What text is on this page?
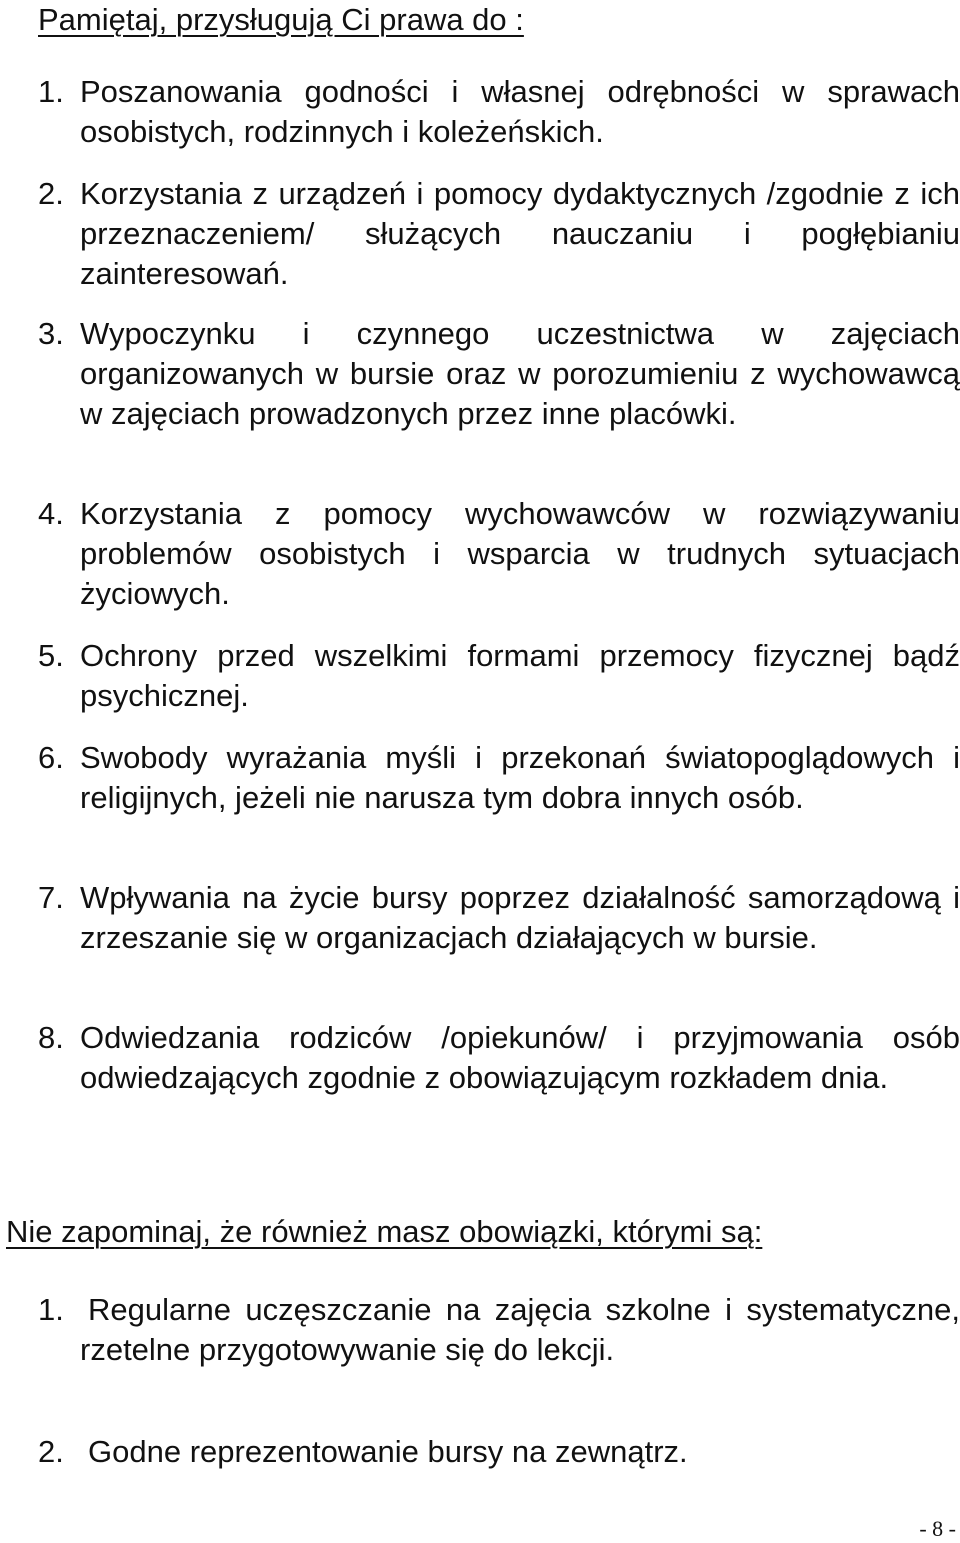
Pamiętaj, przysługują Ci prawa do :
1. Poszanowania godności i własnej odrębności w sprawach osobistych, rodzinnych i koleżeńskich.
2. Korzystania z urządzeń i pomocy dydaktycznych /zgodnie z ich przeznaczeniem/ służących nauczaniu i pogłębianiu zainteresowań.
3. Wypoczynku i czynnego uczestnictwa w zajęciach organizowanych w bursie oraz w porozumieniu z wychowawcą w zajęciach prowadzonych przez inne placówki.
4. Korzystania z pomocy wychowawców w rozwiązywaniu problemów osobistych i wsparcia w trudnych sytuacjach życiowych.
5. Ochrony przed wszelkimi formami przemocy fizycznej bądź psychicznej.
6. Swobody wyrażania myśli i przekonań światopoglądowych i religijnych, jeżeli nie narusza tym dobra innych osób.
7. Wpływania na życie bursy poprzez działalność samorządową i zrzeszanie się w organizacjach działających w bursie.
8. Odwiedzania rodziców /opiekunów/ i przyjmowania osób odwiedzających zgodnie z obowiązującym rozkładem dnia.
Nie zapominaj, że również masz obowiązki, którymi są:
1. Regularne uczęszczanie na zajęcia szkolne i systematyczne, rzetelne przygotowywanie się do lekcji.
2. Godne reprezentowanie bursy na zewnątrz.
- 8 -
